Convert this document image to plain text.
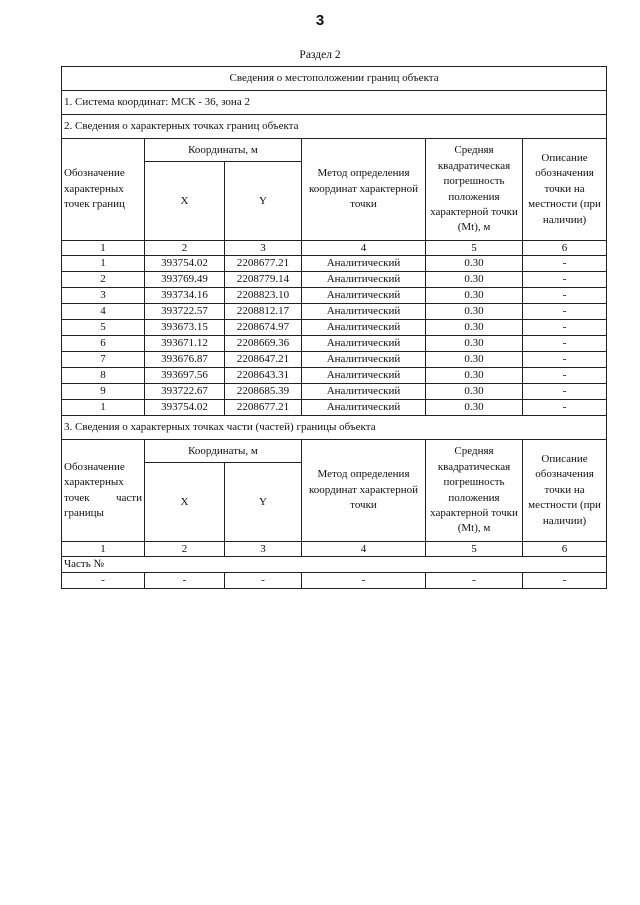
3
Раздел 2
Сведения о местоположении границ объекта					
1. Система координат: МСК - 36, зона 2					
2. Сведения о характерных точках границ объекта					
Обозначение характерных точек границ	Координаты, м		Метод определения координат характерной точки	Средняя квадратическая погрешность положения характерной точки (Mt), м	Описание обозначения точки на местности (при наличии)
	X	Y			
1	2	3	4	5	6
1	393754.02	2208677.21	Аналитический	0.30	-
2	393769.49	2208779.14	Аналитический	0.30	-
3	393734.16	2208823.10	Аналитический	0.30	-
4	393722.57	2208812.17	Аналитический	0.30	-
5	393673.15	2208674.97	Аналитический	0.30	-
6	393671.12	2208669.36	Аналитический	0.30	-
7	393676.87	2208647.21	Аналитический	0.30	-
8	393697.56	2208643.31	Аналитический	0.30	-
9	393722.67	2208685.39	Аналитический	0.30	-
1	393754.02	2208677.21	Аналитический	0.30	-
3. Сведения о характерных точках части (частей) границы объекта					
Обозначение характерных точек части границы	Координаты, м		Метод определения координат характерной точки	Средняя квадратическая погрешность положения характерной точки (Mt), м	Описание обозначения точки на местности (при наличии)
	X	Y			
1	2	3	4	5	6
Часть №					
-	-	-	-	-	-
